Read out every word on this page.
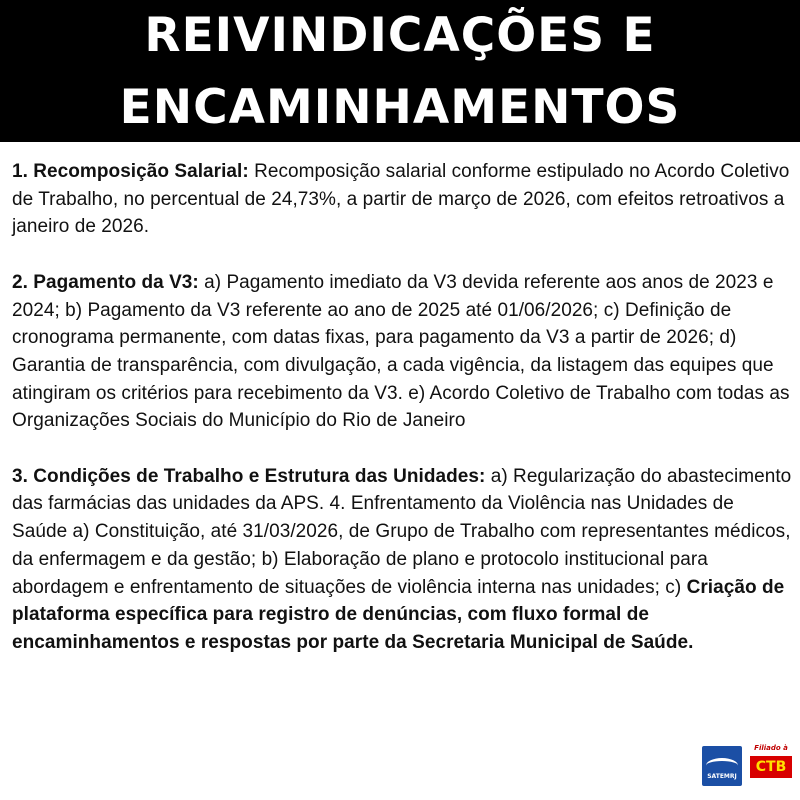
REIVINDICAÇÕES E
ENCAMINHAMENTOS

1. Recomposição Salarial: Recomposição salarial conforme estipulado no Acordo Coletivo de Trabalho, no percentual de 24,73%, a partir de março de 2026, com efeitos retroativos a janeiro de 2026.

2. Pagamento da V3: a) Pagamento imediato da V3 devida referente aos anos de 2023 e 2024; b) Pagamento da V3 referente ao ano de 2025 até 01/06/2026; c) Definição de cronograma permanente, com datas fixas, para pagamento da V3 a partir de 2026; d) Garantia de transparência, com divulgação, a cada vigência, da listagem das equipes que atingiram os critérios para recebimento da V3. e) Acordo Coletivo de Trabalho com todas as Organizações Sociais do Município do Rio de Janeiro

3. Condições de Trabalho e Estrutura das Unidades: a) Regularização do abastecimento das farmácias das unidades da APS. 4. Enfrentamento da Violência nas Unidades de Saúde a) Constituição, até 31/03/2026, de Grupo de Trabalho com representantes médicos, da enfermagem e da gestão; b) Elaboração de plano e protocolo institucional para abordagem e enfrentamento de situações de violência interna nas unidades; c) Criação de plataforma específica para registro de denúncias, com fluxo formal de encaminhamentos e respostas por parte da Secretaria Municipal de Saúde.

SATEMRJ
Filiado à
CTB
